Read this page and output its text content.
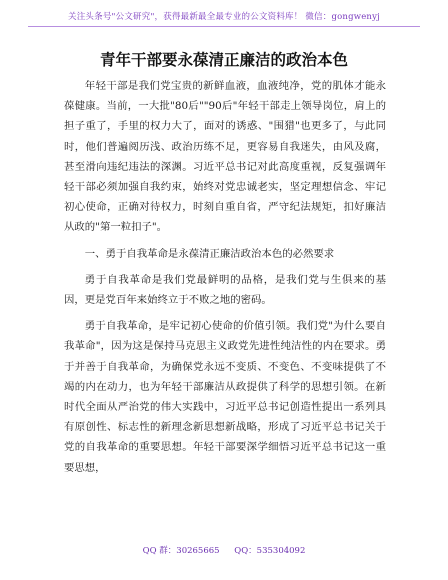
关注头条号"公文研究"，获得最新最全最专业的公文资料库！ 微信：gongwenyj
青年干部要永葆清正廉洁的政治本色

年轻干部是我们党宝贵的新鲜血液，血液纯净，党的肌体才能永葆健康。当前，一大批"80后""90后"年轻干部走上领导岗位，肩上的担子重了，手里的权力大了，面对的诱惑、"围猎"也更多了，与此同时，他们普遍阅历浅、政治历练不足，更容易自我迷失，由风及腐，甚至滑向违纪违法的深渊。习近平总书记对此高度重视，反复强调年轻干部必须加强自我约束，始终对党忠诚老实，坚定理想信念、牢记初心使命，正确对待权力，时刻自重自省，严守纪法规矩，扣好廉洁从政的"第一粒扣子"。

一、勇于自我革命是永葆清正廉洁政治本色的必然要求

勇于自我革命是我们党最鲜明的品格，是我们党与生俱来的基因，更是党百年来始终立于不败之地的密码。

勇于自我革命，是牢记初心使命的价值引领。我们党"为什么要自我革命"，因为这是保持马克思主义政党先进性纯洁性的内在要求。勇于并善于自我革命，为确保党永远不变质、不变色、不变味提供了不竭的内在动力，也为年轻干部廉洁从政提供了科学的思想引领。在新时代全面从严治党的伟大实践中，习近平总书记创造性提出一系列具有原创性、标志性的新理念新思想新战略，形成了习近平总书记关于党的自我革命的重要思想。年轻干部要深学细悟习近平总书记这一重要思想，

QQ 群：30265665 QQ：535304092
